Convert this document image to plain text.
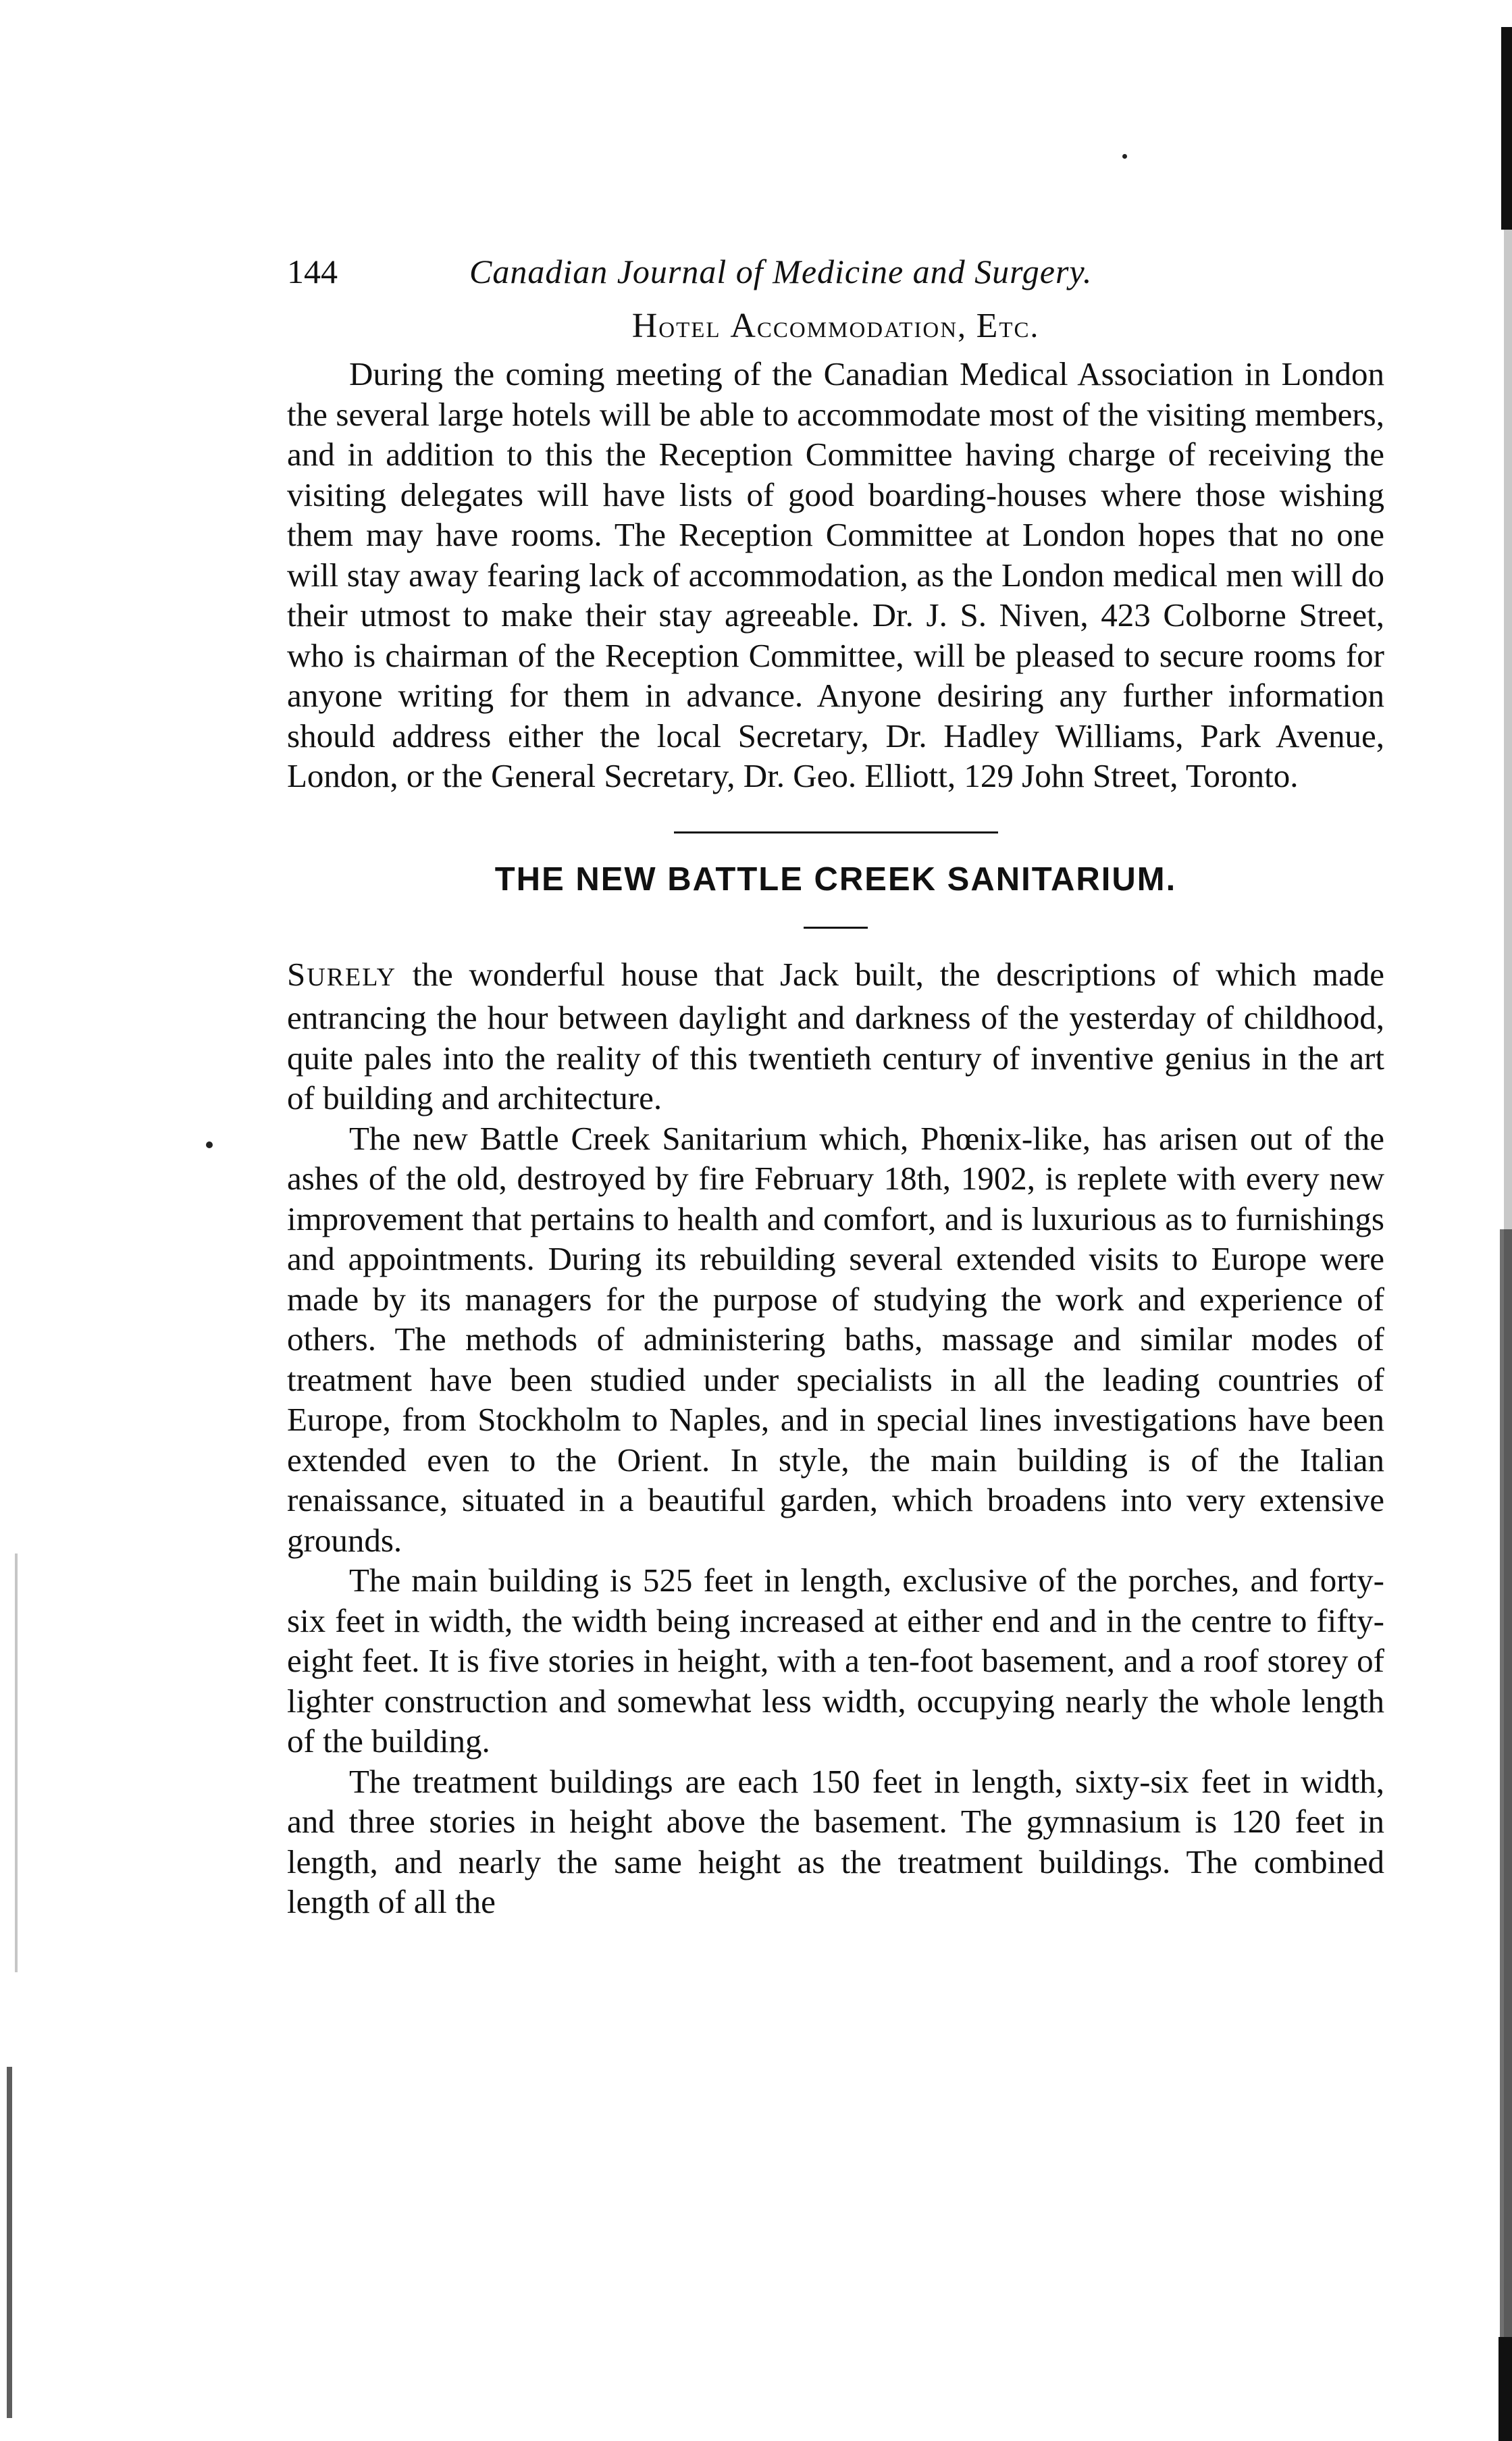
144	Canadian Journal of Medicine and Surgery.
Hotel Accommodation, Etc.

During the coming meeting of the Canadian Medical Association in London the several large hotels will be able to accommodate most of the visiting members, and in addition to this the Reception Committee having charge of receiving the visiting delegates will have lists of good boarding-houses where those wishing them may have rooms. The Reception Committee at London hopes that no one will stay away fearing lack of accommodation, as the London medical men will do their utmost to make their stay agreeable. Dr. J. S. Niven, 423 Colborne Street, who is chairman of the Reception Committee, will be pleased to secure rooms for anyone writing for them in advance. Anyone desiring any further information should address either the local Secretary, Dr. Hadley Williams, Park Avenue, London, or the General Secretary, Dr. Geo. Elliott, 129 John Street, Toronto.

THE NEW BATTLE CREEK SANITARIUM.

SURELY the wonderful house that Jack built, the descriptions of which made entrancing the hour between daylight and darkness of the yesterday of childhood, quite pales into the reality of this twentieth century of inventive genius in the art of building and architecture.

The new Battle Creek Sanitarium which, Phœnix-like, has arisen out of the ashes of the old, destroyed by fire February 18th, 1902, is replete with every new improvement that pertains to health and comfort, and is luxurious as to furnishings and appointments. During its rebuilding several extended visits to Europe were made by its managers for the purpose of studying the work and experience of others. The methods of administering baths, massage and similar modes of treatment have been studied under specialists in all the leading countries of Europe, from Stockholm to Naples, and in special lines investigations have been extended even to the Orient. In style, the main building is of the Italian renaissance, situated in a beautiful garden, which broadens into very extensive grounds.

The main building is 525 feet in length, exclusive of the porches, and forty-six feet in width, the width being increased at either end and in the centre to fifty-eight feet. It is five stories in height, with a ten-foot basement, and a roof storey of lighter construction and somewhat less width, occupying nearly the whole length of the building.

The treatment buildings are each 150 feet in length, sixty-six feet in width, and three stories in height above the basement. The gymnasium is 120 feet in length, and nearly the same height as the treatment buildings. The combined length of all the
